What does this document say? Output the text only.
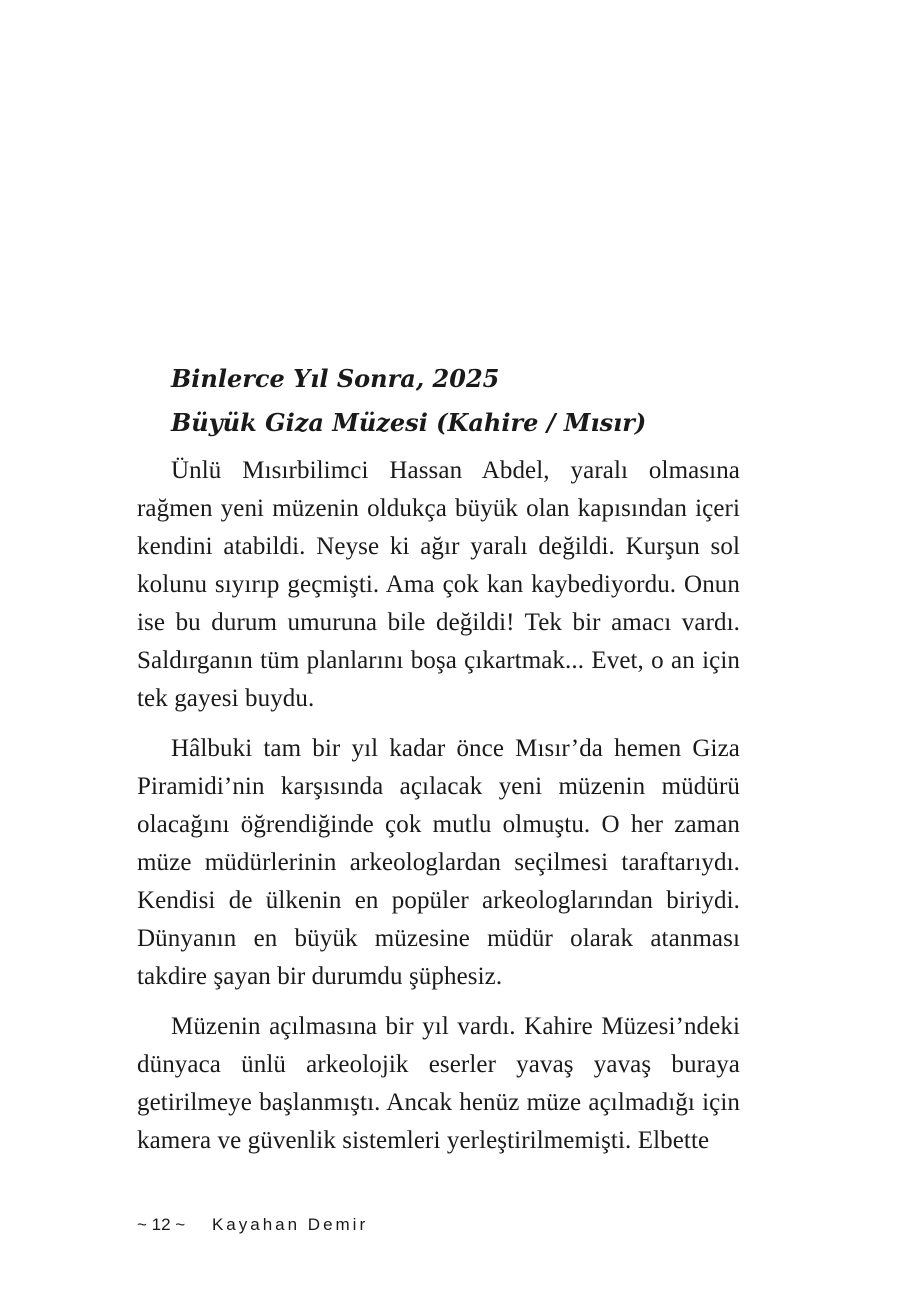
Binlerce Yıl Sonra, 2025
Büyük Giza Müzesi (Kahire / Mısır)

Ünlü Mısırbilimci Hassan Abdel, yaralı olmasına rağmen yeni müzenin oldukça büyük olan kapısından içeri kendini atabildi. Neyse ki ağır yaralı değildi. Kurşun sol kolunu sıyırıp geçmişti. Ama çok kan kaybediyordu. Onun ise bu durum umuruna bile değildi! Tek bir amacı vardı. Saldırganın tüm planlarını boşa çıkartmak... Evet, o an için tek gayesi buydu.

Hâlbuki tam bir yıl kadar önce Mısır’da hemen Giza Piramidi’nin karşısında açılacak yeni müzenin müdürü olacağını öğrendiğinde çok mutlu olmuştu. O her zaman müze müdürlerinin arkeologlardan seçilmesi taraftarıydı. Kendisi de ülkenin en popüler arkeologlarından biriydi. Dünyanın en büyük müzesine müdür olarak atanması takdire şayan bir durumdu şüphesiz.

Müzenin açılmasına bir yıl vardı. Kahire Müzesi’ndeki dünyaca ünlü arkeolojik eserler yavaş yavaş buraya getirilmeye başlanmıştı. Ancak henüz müze açılmadığı için kamera ve güvenlik sistemleri yerleştirilmemişti. Elbette

~ 12 ~ Kayahan Demir
